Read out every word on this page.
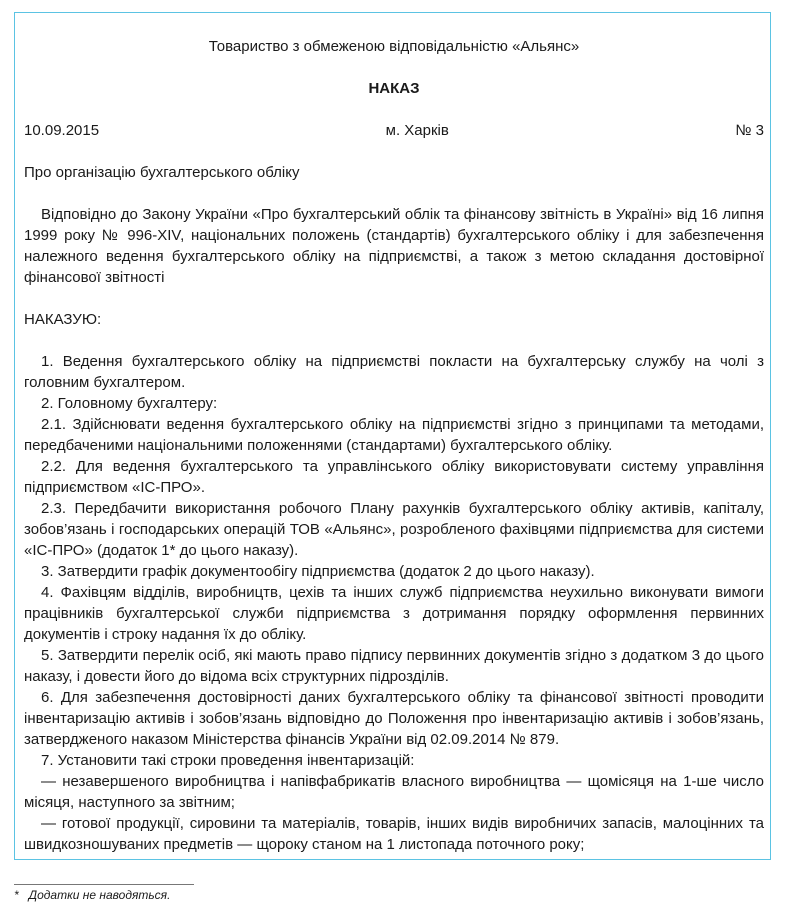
Товариство з обмеженою відповідальністю «Альянс»
НАКАЗ
10.09.2015	м. Харків	№ 3
Про організацію бухгалтерського обліку
Відповідно до Закону України «Про бухгалтерський облік та фінансову звітність в Україні» від 16 липня 1999 року № 996-XIV, національних положень (стандартів) бухгалтерського обліку і для забезпечення належного ведення бухгалтерського обліку на підприємстві, а також з метою складання достовірної фінансової звітності
НАКАЗУЮ:

1. Ведення бухгалтерського обліку на підприємстві покласти на бухгалтерську службу на чолі з головним бухгалтером.

2. Головному бухгалтеру:

2.1. Здійснювати ведення бухгалтерського обліку на підприємстві згідно з принципами та методами, передбаченими національними положеннями (стандартами) бухгалтерського обліку.

2.2. Для ведення бухгалтерського та управлінського обліку використовувати систему управління підприємством «IC-ПРО».

2.3. Передбачити використання робочого Плану рахунків бухгалтерського обліку активів, капіталу, зобов’язань і господарських операцій ТОВ «Альянс», розробленого фахівцями підприємства для системи «IC-ПРО» (додаток 1* до цього наказу).

3. Затвердити графік документообігу підприємства (додаток 2 до цього наказу).

4. Фахівцям відділів, виробництв, цехів та інших служб підприємства неухильно виконувати вимоги працівників бухгалтерської служби підприємства з дотримання порядку оформлення первинних документів і строку надання їх до обліку.

5. Затвердити перелік осіб, які мають право підпису первинних документів згідно з додатком 3 до цього наказу, і довести його до відома всіх структурних підрозділів.

6. Для забезпечення достовірності даних бухгалтерського обліку та фінансової звітності проводити інвентаризацію активів і зобов’язань відповідно до Положення про інвентаризацію активів і зобов’язань, затвердженого наказом Міністерства фінансів України від 02.09.2014 № 879.

7. Установити такі строки проведення інвентаризацій:

— незавершеного виробництва і напівфабрикатів власного виробництва — щомісяця на 1-ше число місяця, наступного за звітним;

— готової продукції, сировини та матеріалів, товарів, інших видів виробничих запасів, малоцінних та швидкозношуваних предметів — щороку станом на 1 листопада поточного року;

*   Додатки не наводяться.
